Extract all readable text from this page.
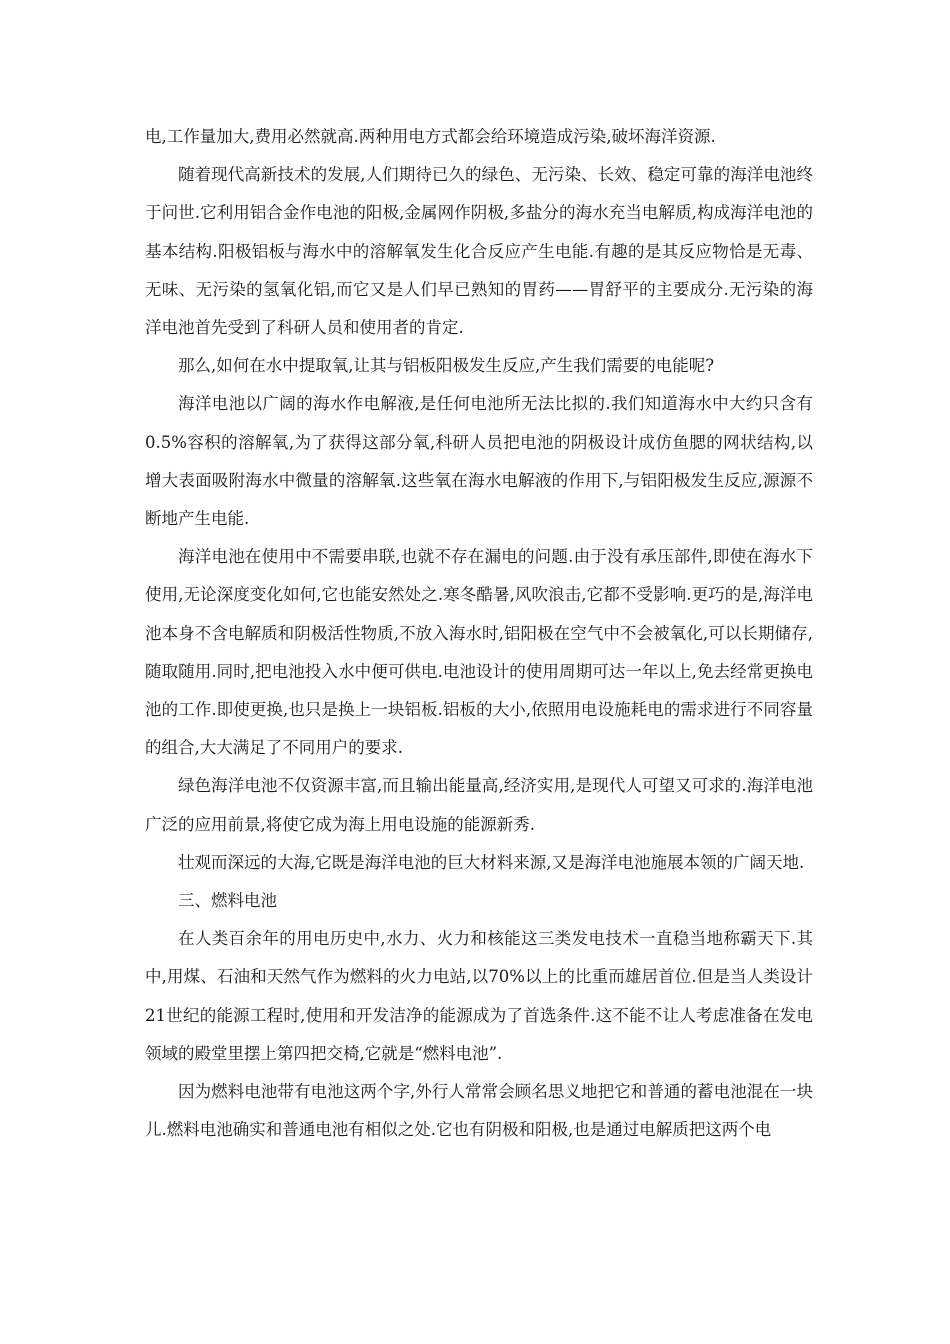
电,工作量加大,费用必然就高.两种用电方式都会给环境造成污染,破坏海洋资源.

随着现代高新技术的发展,人们期待已久的绿色、无污染、长效、稳定可靠的海洋电池终于问世.它利用铝合金作电池的阳极,金属网作阴极,多盐分的海水充当电解质,构成海洋电池的基本结构.阳极铝板与海水中的溶解氧发生化合反应产生电能.有趣的是其反应物恰是无毒、无味、无污染的氢氧化铝,而它又是人们早已熟知的胃药——胃舒平的主要成分.无污染的海洋电池首先受到了科研人员和使用者的肯定.

那么,如何在水中提取氧,让其与铝板阳极发生反应,产生我们需要的电能呢?

海洋电池以广阔的海水作电解液,是任何电池所无法比拟的.我们知道海水中大约只含有0.5%容积的溶解氧,为了获得这部分氧,科研人员把电池的阴极设计成仿鱼腮的网状结构,以增大表面吸附海水中微量的溶解氧.这些氧在海水电解液的作用下,与铝阳极发生反应,源源不断地产生电能.

海洋电池在使用中不需要串联,也就不存在漏电的问题.由于没有承压部件,即使在海水下使用,无论深度变化如何,它也能安然处之.寒冬酷暑,风吹浪击,它都不受影响.更巧的是,海洋电池本身不含电解质和阴极活性物质,不放入海水时,铝阳极在空气中不会被氧化,可以长期储存,随取随用.同时,把电池投入水中便可供电.电池设计的使用周期可达一年以上,免去经常更换电池的工作.即使更换,也只是换上一块铝板.铝板的大小,依照用电设施耗电的需求进行不同容量的组合,大大满足了不同用户的要求.

绿色海洋电池不仅资源丰富,而且输出能量高,经济实用,是现代人可望又可求的.海洋电池广泛的应用前景,将使它成为海上用电设施的能源新秀.

壮观而深远的大海,它既是海洋电池的巨大材料来源,又是海洋电池施展本领的广阔天地.

三、燃料电池

在人类百余年的用电历史中,水力、火力和核能这三类发电技术一直稳当地称霸天下.其中,用煤、石油和天然气作为燃料的火力电站,以70%以上的比重而雄居首位.但是当人类设计21世纪的能源工程时,使用和开发洁净的能源成为了首选条件.这不能不让人考虑准备在发电领域的殿堂里摆上第四把交椅,它就是“燃料电池”.

因为燃料电池带有电池这两个字,外行人常常会顾名思义地把它和普通的蓄电池混在一块儿.燃料电池确实和普通电池有相似之处.它也有阴极和阳极,也是通过电解质把这两个电
